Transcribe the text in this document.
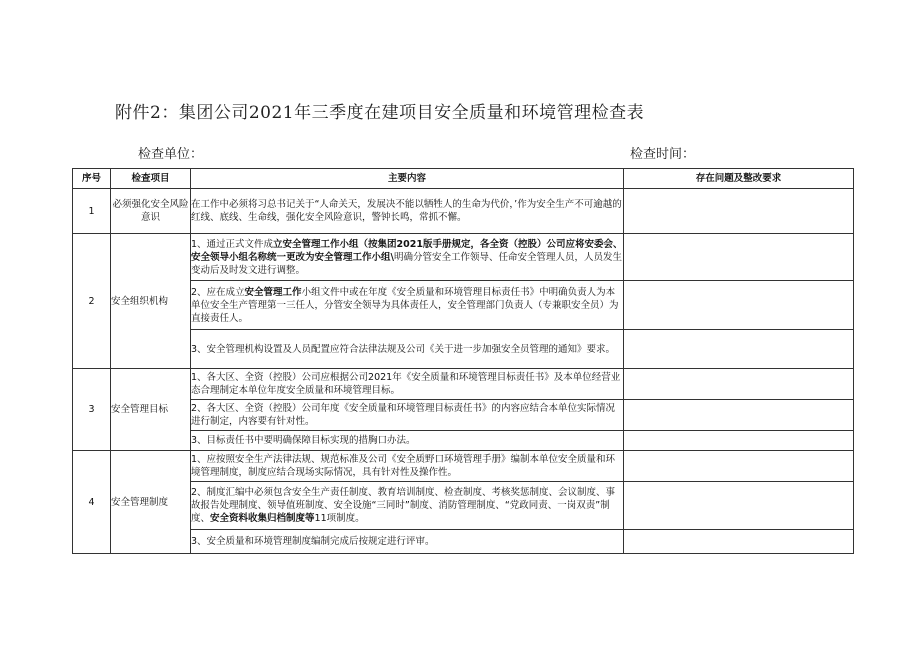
附件2：集团公司2021年三季度在建项目安全质量和环境管理检查表
检查单位：	检查时间：
序号	检查项目	主要内容	存在问题及整改要求
1	必须强化安全风险意识	在工作中必须将习总书记关于“人命关天，发展决不能以牺牲人的生命为代价，’作为安全生产不可逾越的红线、底线、生命线，强化安全风险意识，警钟长鸣，常抓不懈。	
2	安全组织机构	1、通过正式文件成立安全管理工作小组（按集团2021版手册规定，各全资（控股）公司应将安委会、安全领导小组名称统一更改为安全管理工作小组\明确分管安全工作领导、任命安全管理人员，人员发生变动后及时发文进行调整。	
		2、应在成立安全管理工作小组文件中或在年度《安全质量和环境管理目标责任书》中明确负责人为本单位安全生产管理第一三任人，分管安全领导为具体责任人，安全管理部门负责人（专兼职安全员）为直接责任人。	
		3、安全管理机构设置及人员配置应符合法律法规及公司《关于进一步加强安全员管理的通知》要求。	
3	安全管理目标	1、各大区、全资（控股）公司应根据公司2021年《安全质量和环境管理目标责任书》及本单位经营业态合理制定本单位年度安全质量和环境管理目标。	
		2、各大区、全资（控股）公司年度《安全质量和环境管理目标责任书》的内容应结合本单位实际情况进行制定，内容要有针对性。	
		3、目标责任书中要明确保障目标实现的措胸口办法。	
4	安全管理制度	1、应按照安全生产法律法规、规范标准及公司《安全质野口环境管理手册》编制本单位安全质量和环境管理制度，制度应结合现场实际情况，具有针对性及操作性。	
		2、制度汇编中必须包含安全生产责任制度、教育培训制度、检查制度、考核奖惩制度、会议制度、事故报告处理制度、领导值班制度、安全设施“三同时”制度、消防管理制度、“党政同责、一岗双责”制度、安全资料收集归档制度等11项制度。	
		3、安全质量和环境管理制度编制完成后按规定进行评审。	
